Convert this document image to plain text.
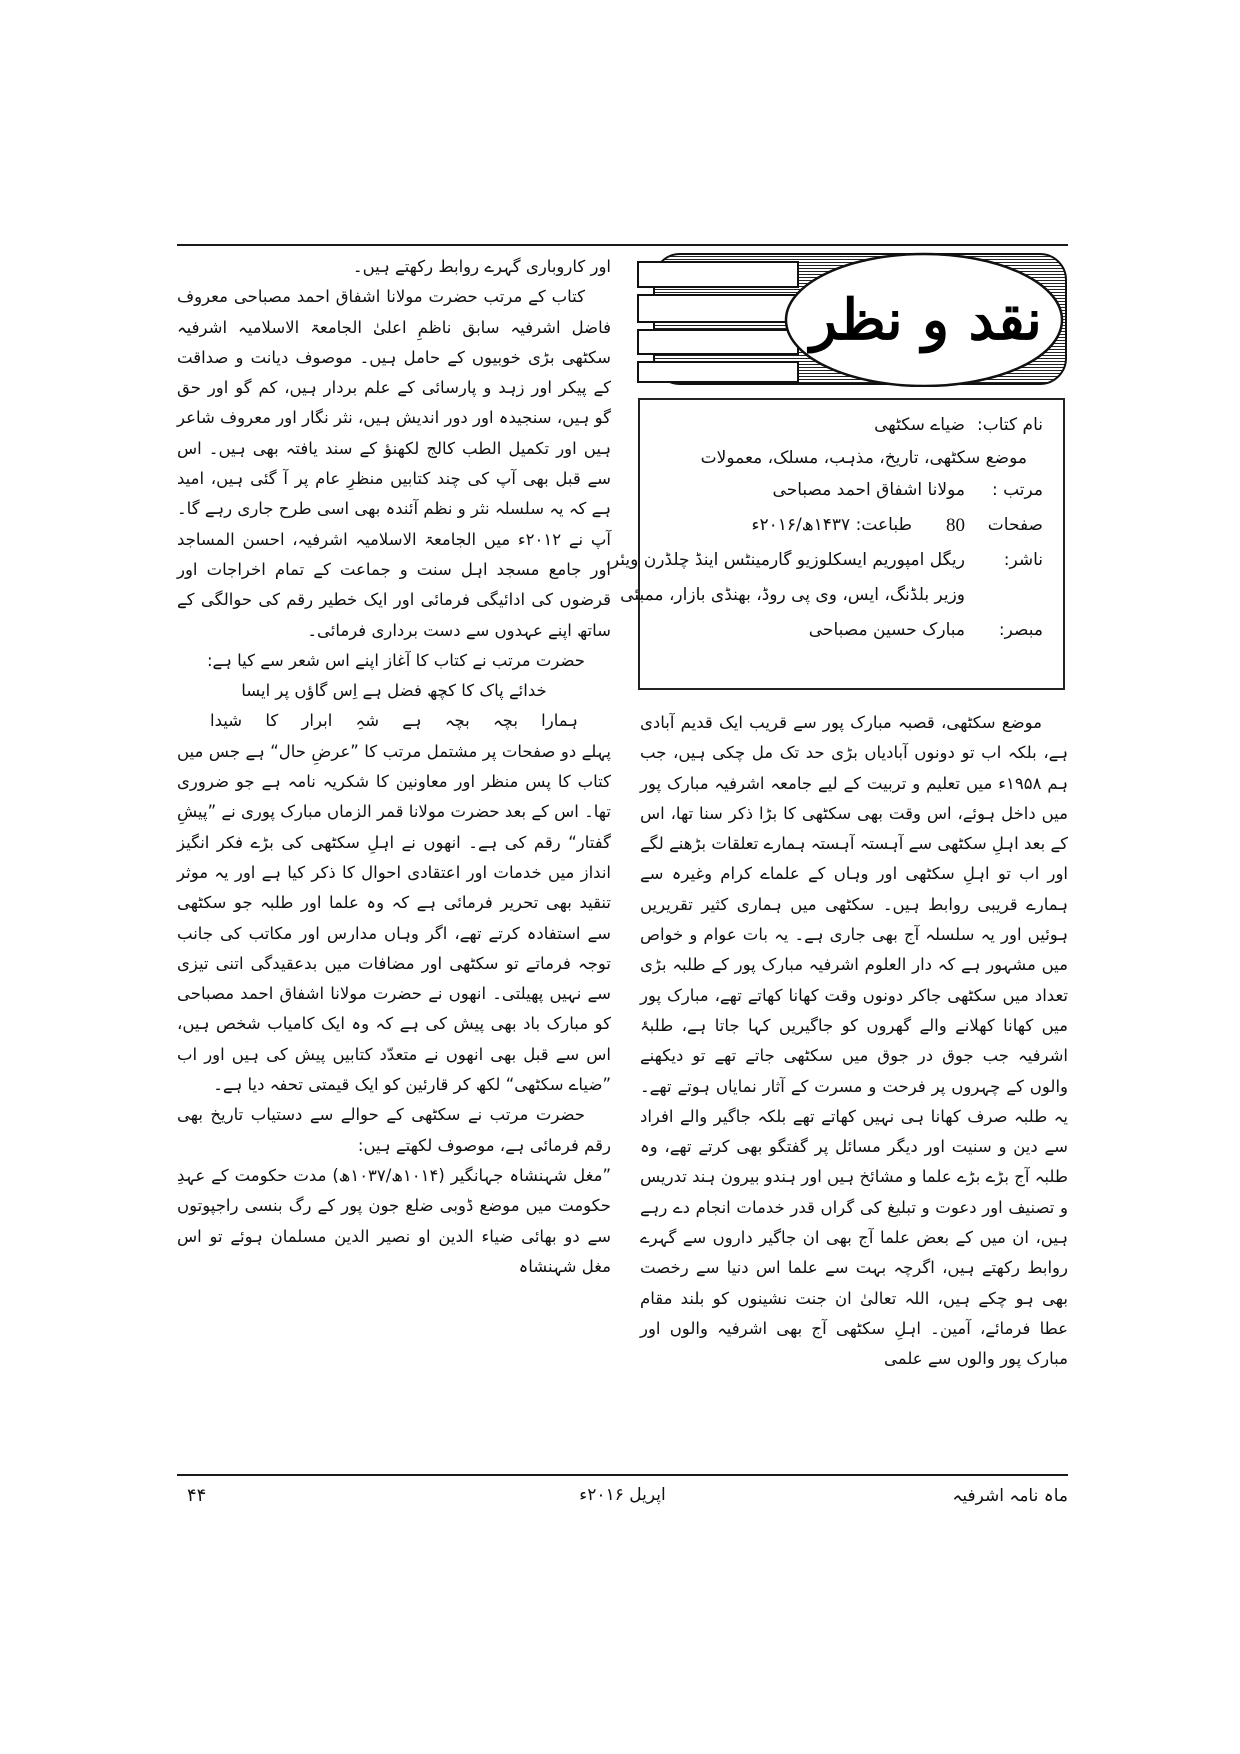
نقد و نظر
نام کتاب:
ضیاے سکٹھی
موضع سکٹھی، تاریخ، مذہب، مسلک، معمولات
مرتب :
مولانا اشفاق احمد مصباحی
صفحات
80
طباعت: ۱۴۳۷ھ/۲۰۱۶ء
ناشر:
ریگل امپوریم ایسکلوزیو گارمینٹس اینڈ چلڈرن ویئر،
وزیر بلڈنگ، ایس، وی پی روڈ، بھنڈی بازار، ممبئی
مبصر:
مبارک حسین مصباحی

موضع سکٹھی، قصبہ مبارک پور سے قریب ایک قدیم آبادی ہے، بلکہ اب تو دونوں آبادیاں بڑی حد تک مل چکی ہیں، جب ہم ۱۹۵۸ء میں تعلیم و تربیت کے لیے جامعہ اشرفیہ مبارک پور میں داخل ہوئے، اس وقت بھی سکٹھی کا بڑا ذکر سنا تھا، اس کے بعد اہلِ سکٹھی سے آہستہ آہستہ ہمارے تعلقات بڑھنے لگے اور اب تو اہلِ سکٹھی اور وہاں کے علماے کرام وغیرہ سے ہمارے قریبی روابط ہیں۔ سکٹھی میں ہماری کثیر تقریریں ہوئیں اور یہ سلسلہ آج بھی جاری ہے۔ یہ بات عوام و خواص میں مشہور ہے کہ دار العلوم اشرفیہ مبارک پور کے طلبہ بڑی تعداد میں سکٹھی جاکر دونوں وقت کھانا کھاتے تھے، مبارک پور میں کھانا کھلانے والے گھروں کو جاگیریں کہا جاتا ہے، طلبۂ اشرفیہ جب جوق در جوق میں سکٹھی جاتے تھے تو دیکھنے والوں کے چہروں پر فرحت و مسرت کے آثار نمایاں ہوتے تھے۔ یہ طلبہ صرف کھانا ہی نہیں کھاتے تھے بلکہ جاگیر والے افراد سے دین و سنیت اور دیگر مسائل پر گفتگو بھی کرتے تھے، وہ طلبہ آج بڑے بڑے علما و مشائخ ہیں اور ہندو بیرون ہند تدریس و تصنیف اور دعوت و تبلیغ کی گراں قدر خدمات انجام دے رہے ہیں، ان میں کے بعض علما آج بھی ان جاگیر داروں سے گہرے روابط رکھتے ہیں، اگرچہ بہت سے علما اس دنیا سے رخصت بھی ہو چکے ہیں، اللہ تعالیٰ ان جنت نشینوں کو بلند مقام عطا فرمائے، آمین۔ اہلِ سکٹھی آج بھی اشرفیہ والوں اور مبارک پور والوں سے علمی

اور کاروباری گہرے روابط رکھتے ہیں۔

کتاب کے مرتب حضرت مولانا اشفاق احمد مصباحی معروف فاضل اشرفیہ سابق ناظمِ اعلیٰ الجامعۃ الاسلامیہ اشرفیہ سکٹھی بڑی خوبیوں کے حامل ہیں۔ موصوف دیانت و صداقت کے پیکر اور زہد و پارسائی کے علم بردار ہیں، کم گو اور حق گو ہیں، سنجیدہ اور دور اندیش ہیں، نثر نگار اور معروف شاعر ہیں اور تکمیل الطب کالج لکھنؤ کے سند یافتہ بھی ہیں۔ اس سے قبل بھی آپ کی چند کتابیں منظرِ عام پر آ گئی ہیں، امید ہے کہ یہ سلسلہ نثر و نظم آئندہ بھی اسی طرح جاری رہے گا۔ آپ نے ۲۰۱۲ء میں الجامعۃ الاسلامیہ اشرفیہ، احسن المساجد اور جامع مسجد اہل سنت و جماعت کے تمام اخراجات اور قرضوں کی ادائیگی فرمائی اور ایک خطیر رقم کی حوالگی کے ساتھ اپنے عہدوں سے دست برداری فرمائی۔

حضرت مرتب نے کتاب کا آغاز اپنے اس شعر سے کیا ہے:

خدائے پاک کا کچھ فضل ہے اِس گاؤں پر ایسا
ہمارا بچہ بچہ ہے شہِ ابرار کا شیدا

پہلے دو صفحات پر مشتمل مرتب کا ”عرضِ حال“ ہے جس میں کتاب کا پس منظر اور معاونین کا شکریہ نامہ ہے جو ضروری تھا۔ اس کے بعد حضرت مولانا قمر الزماں مبارک پوری نے ”پیشِ گفتار“ رقم کی ہے۔ انھوں نے اہلِ سکٹھی کی بڑے فکر انگیز انداز میں خدمات اور اعتقادی احوال کا ذکر کیا ہے اور یہ موثر تنقید بھی تحریر فرمائی ہے کہ وہ علما اور طلبہ جو سکٹھی سے استفادہ کرتے تھے، اگر وہاں مدارس اور مکاتب کی جانب توجہ فرماتے تو سکٹھی اور مضافات میں بدعقیدگی اتنی تیزی سے نہیں پھیلتی۔ انھوں نے حضرت مولانا اشفاق احمد مصباحی کو مبارک باد بھی پیش کی ہے کہ وہ ایک کامیاب شخص ہیں، اس سے قبل بھی انھوں نے متعدّد کتابیں پیش کی ہیں اور اب ”ضیاے سکٹھی“ لکھ کر قارئین کو ایک قیمتی تحفہ دیا ہے۔

حضرت مرتب نے سکٹھی کے حوالے سے دستیاب تاریخ بھی رقم فرمائی ہے، موصوف لکھتے ہیں:

”مغل شہنشاہ جہانگیر (۱۰۱۴ھ/۱۰۳۷ھ) مدت حکومت کے عہدِ حکومت میں موضع ڈوبی ضلع جون پور کے رگ بنسی راجپوتوں سے دو بھائی ضیاء الدین او نصیر الدین مسلمان ہوئے تو اس مغل شہنشاہ

ماہ نامہ اشرفیہ
اپریل ۲۰۱۶ء
۴۴
